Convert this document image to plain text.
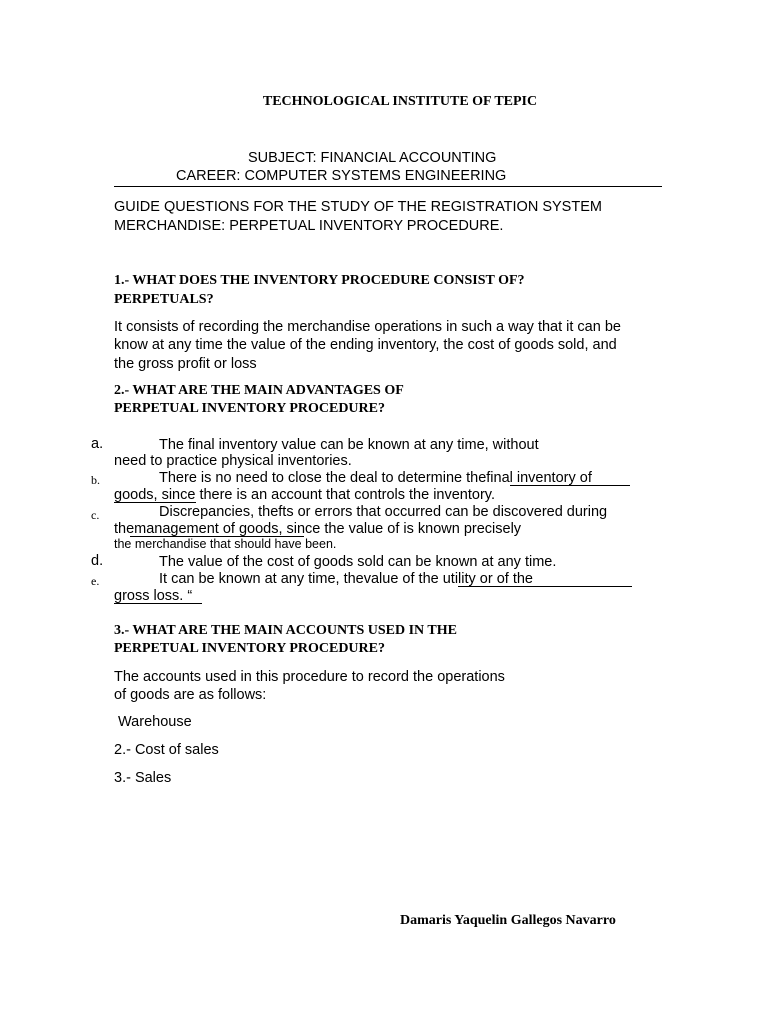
TECHNOLOGICAL INSTITUTE OF TEPIC
SUBJECT: FINANCIAL ACCOUNTING
CAREER: COMPUTER SYSTEMS ENGINEERING
GUIDE QUESTIONS FOR THE STUDY OF THE REGISTRATION SYSTEM
MERCHANDISE: PERPETUAL INVENTORY PROCEDURE.
1.- WHAT DOES THE INVENTORY PROCEDURE CONSIST OF?
PERPETUALS?
It consists of recording the merchandise operations in such a way that it can be
know at any time the value of the ending inventory, the cost of goods sold, and
the gross profit or loss
2.- WHAT ARE THE MAIN ADVANTAGES OF
PERPETUAL INVENTORY PROCEDURE?
a.	The final inventory value can be known at any time, without
need to practice physical inventories.
b.	There is no need to close the deal to determine thefinal inventory of
goods, since there is an account that controls the inventory.
c.	Discrepancies, thefts or errors that occurred can be discovered during
themanagement of goods, since the value of is known precisely
the merchandise that should have been.
d.	The value of the cost of goods sold can be known at any time.
e.	It can be known at any time, thevalue of the utility or of the
gross loss. “
3.- WHAT ARE THE MAIN ACCOUNTS USED IN THE
PERPETUAL INVENTORY PROCEDURE?
The accounts used in this procedure to record the operations
of goods are as follows:
Warehouse
2.- Cost of sales
3.- Sales
Damaris Yaquelin Gallegos Navarro
